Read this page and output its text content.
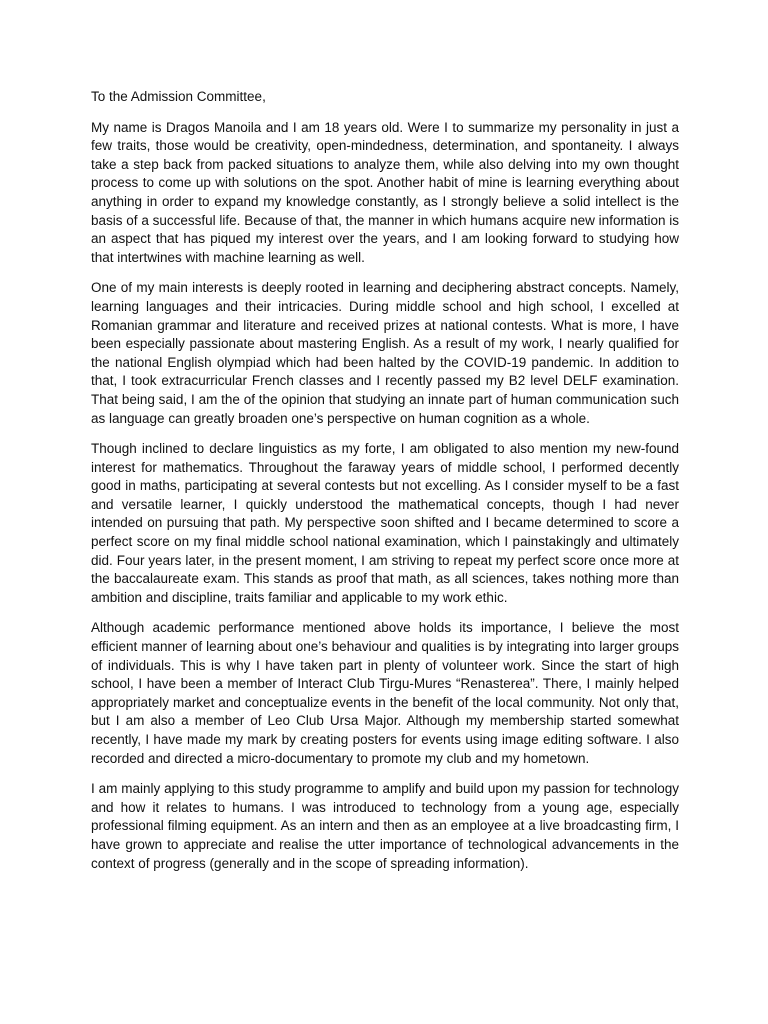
To the Admission Committee,

My name is Dragos Manoila and I am 18 years old. Were I to summarize my personality in just a few traits, those would be creativity, open-mindedness, determination, and spontaneity. I always take a step back from packed situations to analyze them, while also delving into my own thought process to come up with solutions on the spot. Another habit of mine is learning everything about anything in order to expand my knowledge constantly, as I strongly believe a solid intellect is the basis of a successful life. Because of that, the manner in which humans acquire new information is an aspect that has piqued my interest over the years, and I am looking forward to studying how that intertwines with machine learning as well.

One of my main interests is deeply rooted in learning and deciphering abstract concepts. Namely, learning languages and their intricacies. During middle school and high school, I excelled at Romanian grammar and literature and received prizes at national contests. What is more, I have been especially passionate about mastering English. As a result of my work, I nearly qualified for the national English olympiad which had been halted by the COVID-19 pandemic. In addition to that, I took extracurricular French classes and I recently passed my B2 level DELF examination. That being said, I am the of the opinion that studying an innate part of human communication such as language can greatly broaden one’s perspective on human cognition as a whole.

Though inclined to declare linguistics as my forte, I am obligated to also mention my new-found interest for mathematics. Throughout the faraway years of middle school, I performed decently good in maths, participating at several contests but not excelling. As I consider myself to be a fast and versatile learner, I quickly understood the mathematical concepts, though I had never intended on pursuing that path. My perspective soon shifted and I became determined to score a perfect score on my final middle school national examination, which I painstakingly and ultimately did. Four years later, in the present moment, I am striving to repeat my perfect score once more at the baccalaureate exam. This stands as proof that math, as all sciences, takes nothing more than ambition and discipline, traits familiar and applicable to my work ethic.

Although academic performance mentioned above holds its importance, I believe the most efficient manner of learning about one’s behaviour and qualities is by integrating into larger groups of individuals. This is why I have taken part in plenty of volunteer work. Since the start of high school, I have been a member of Interact Club Tirgu-Mures “Renasterea”. There, I mainly helped appropriately market and conceptualize events in the benefit of the local community. Not only that, but I am also a member of Leo Club Ursa Major. Although my membership started somewhat recently, I have made my mark by creating posters for events using image editing software. I also recorded and directed a micro-documentary to promote my club and my hometown.

I am mainly applying to this study programme to amplify and build upon my passion for technology and how it relates to humans. I was introduced to technology from a young age, especially professional filming equipment. As an intern and then as an employee at a live broadcasting firm, I have grown to appreciate and realise the utter importance of technological advancements in the context of progress (generally and in the scope of spreading information).
